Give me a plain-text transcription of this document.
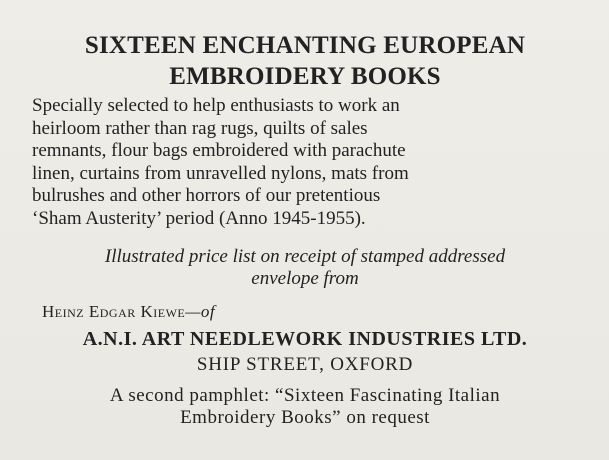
SIXTEEN ENCHANTING EUROPEAN
EMBROIDERY BOOKS
Specially selected to help enthusiasts to work an
heirloom rather than rag rugs, quilts of sales
remnants, flour bags embroidered with parachute
linen, curtains from unravelled nylons, mats from
bulrushes and other horrors of our pretentious
‘Sham Austerity’ period (Anno 1945-1955).
Illustrated price list on receipt of stamped addressed
envelope from
Heinz Edgar Kiewe—of
A.N.I. ART NEEDLEWORK INDUSTRIES LTD.
SHIP STREET, OXFORD
A second pamphlet: “Sixteen Fascinating Italian
Embroidery Books” on request
